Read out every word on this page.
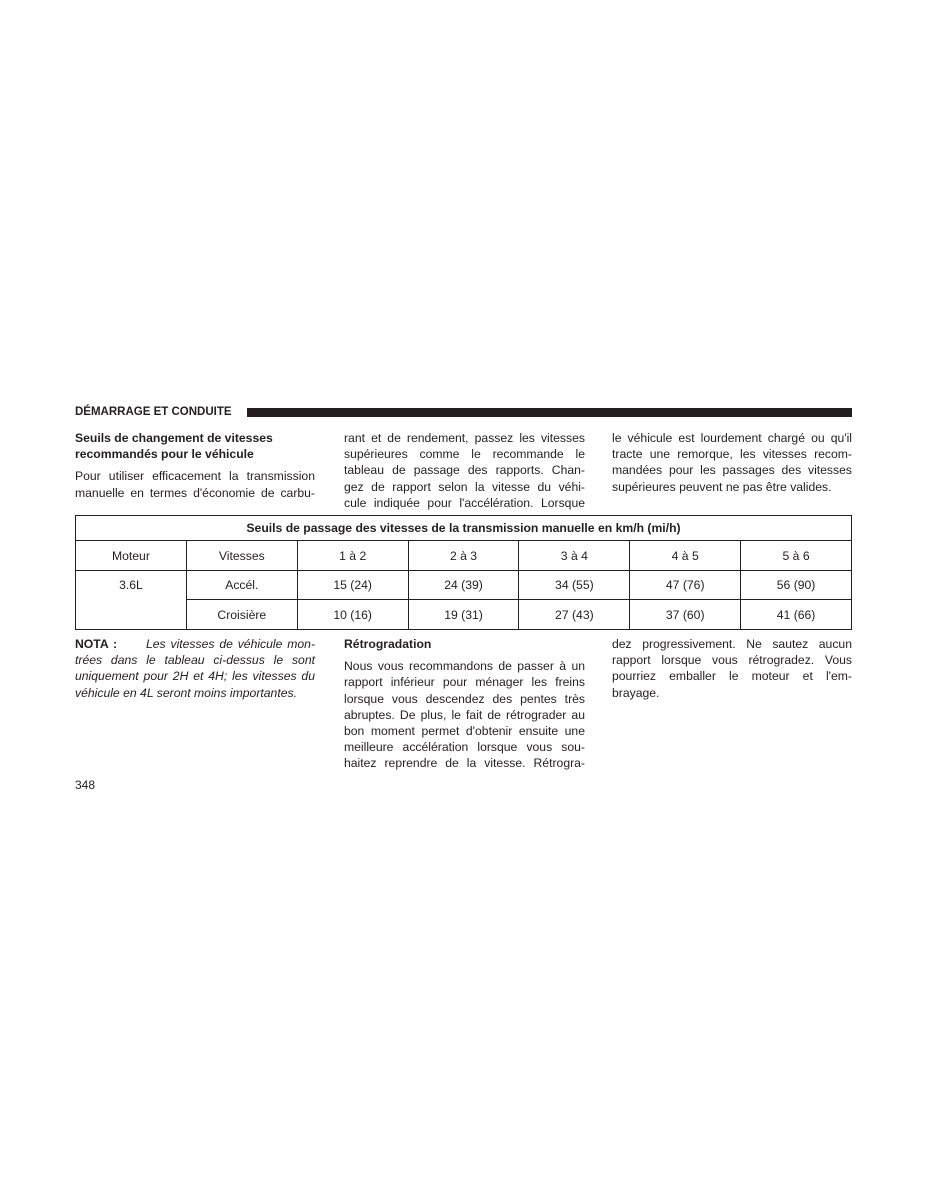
DÉMARRAGE ET CONDUITE
Seuils de changement de vitesses
recommandés pour le véhicule
Pour utiliser efficacement la transmission
manuelle en termes d'économie de carbu-
rant et de rendement, passez les vitesses
supérieures comme le recommande le
tableau de passage des rapports. Chan-
gez de rapport selon la vitesse du véhi-
cule indiquée pour l'accélération. Lorsque
le véhicule est lourdement chargé ou qu'il
tracte une remorque, les vitesses recom-
mandées pour les passages des vitesses
supérieures peuvent ne pas être valides.
Seuils de passage des vitesses de la transmission manuelle en km/h (mi/h)						
Moteur	Vitesses	1 à 2	2 à 3	3 à 4	4 à 5	5 à 6
3.6L	Accél.	15 (24)	24 (39)	34 (55)	47 (76)	56 (90)
	Croisière	10 (16)	19 (31)	27 (43)	37 (60)	41 (66)
NOTA : Les vitesses de véhicule mon-
trées dans le tableau ci-dessus le sont
uniquement pour 2H et 4H; les vitesses du
véhicule en 4L seront moins importantes.
Rétrogradation
Nous vous recommandons de passer à un
rapport inférieur pour ménager les freins
lorsque vous descendez des pentes très
abruptes. De plus, le fait de rétrograder au
bon moment permet d'obtenir ensuite une
meilleure accélération lorsque vous sou-
haitez reprendre de la vitesse. Rétrogra-
dez progressivement. Ne sautez aucun
rapport lorsque vous rétrogradez. Vous
pourriez emballer le moteur et l'em-
brayage.
348
